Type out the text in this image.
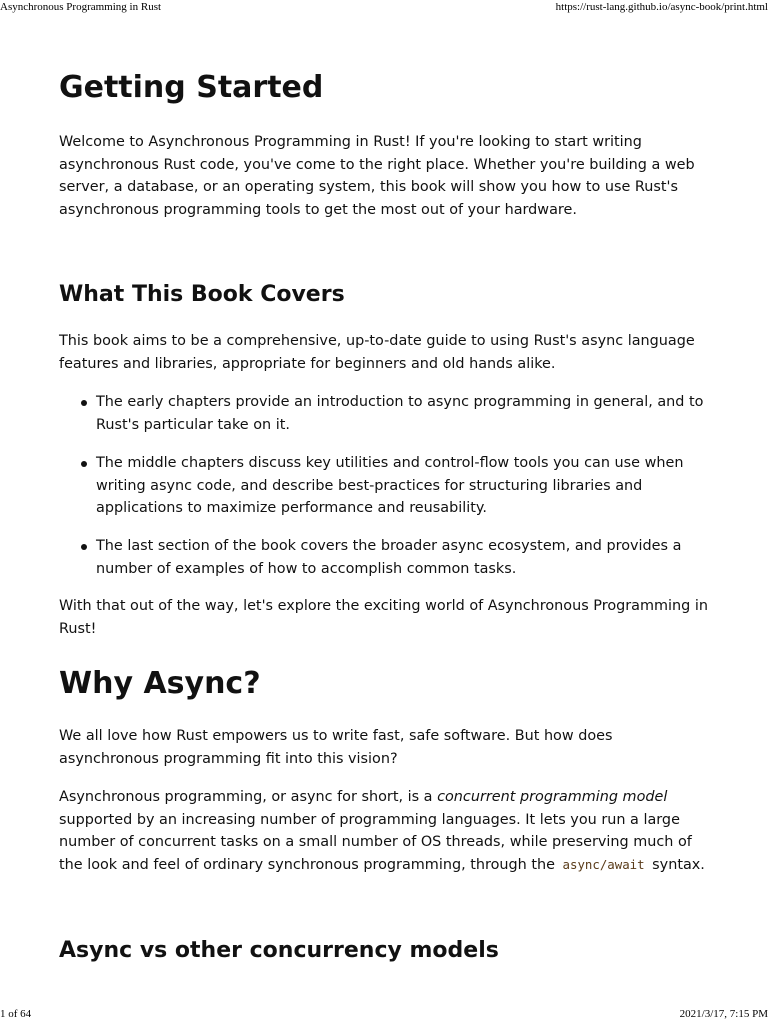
Asynchronous Programming in Rust	https://rust-lang.github.io/async-book/print.html
Getting Started

Welcome to Asynchronous Programming in Rust! If you're looking to start writing asynchronous Rust code, you've come to the right place. Whether you're building a web server, a database, or an operating system, this book will show you how to use Rust's asynchronous programming tools to get the most out of your hardware.

What This Book Covers

This book aims to be a comprehensive, up-to-date guide to using Rust's async language features and libraries, appropriate for beginners and old hands alike.

The early chapters provide an introduction to async programming in general, and to Rust's particular take on it.
The middle chapters discuss key utilities and control-flow tools you can use when writing async code, and describe best-practices for structuring libraries and applications to maximize performance and reusability.
The last section of the book covers the broader async ecosystem, and provides a number of examples of how to accomplish common tasks.

With that out of the way, let's explore the exciting world of Asynchronous Programming in Rust!

Why Async?

We all love how Rust empowers us to write fast, safe software. But how does asynchronous programming fit into this vision?

Asynchronous programming, or async for short, is a concurrent programming model supported by an increasing number of programming languages. It lets you run a large number of concurrent tasks on a small number of OS threads, while preserving much of the look and feel of ordinary synchronous programming, through the async/await syntax.

Async vs other concurrency models
1 of 64	2021/3/17, 7:15 PM
